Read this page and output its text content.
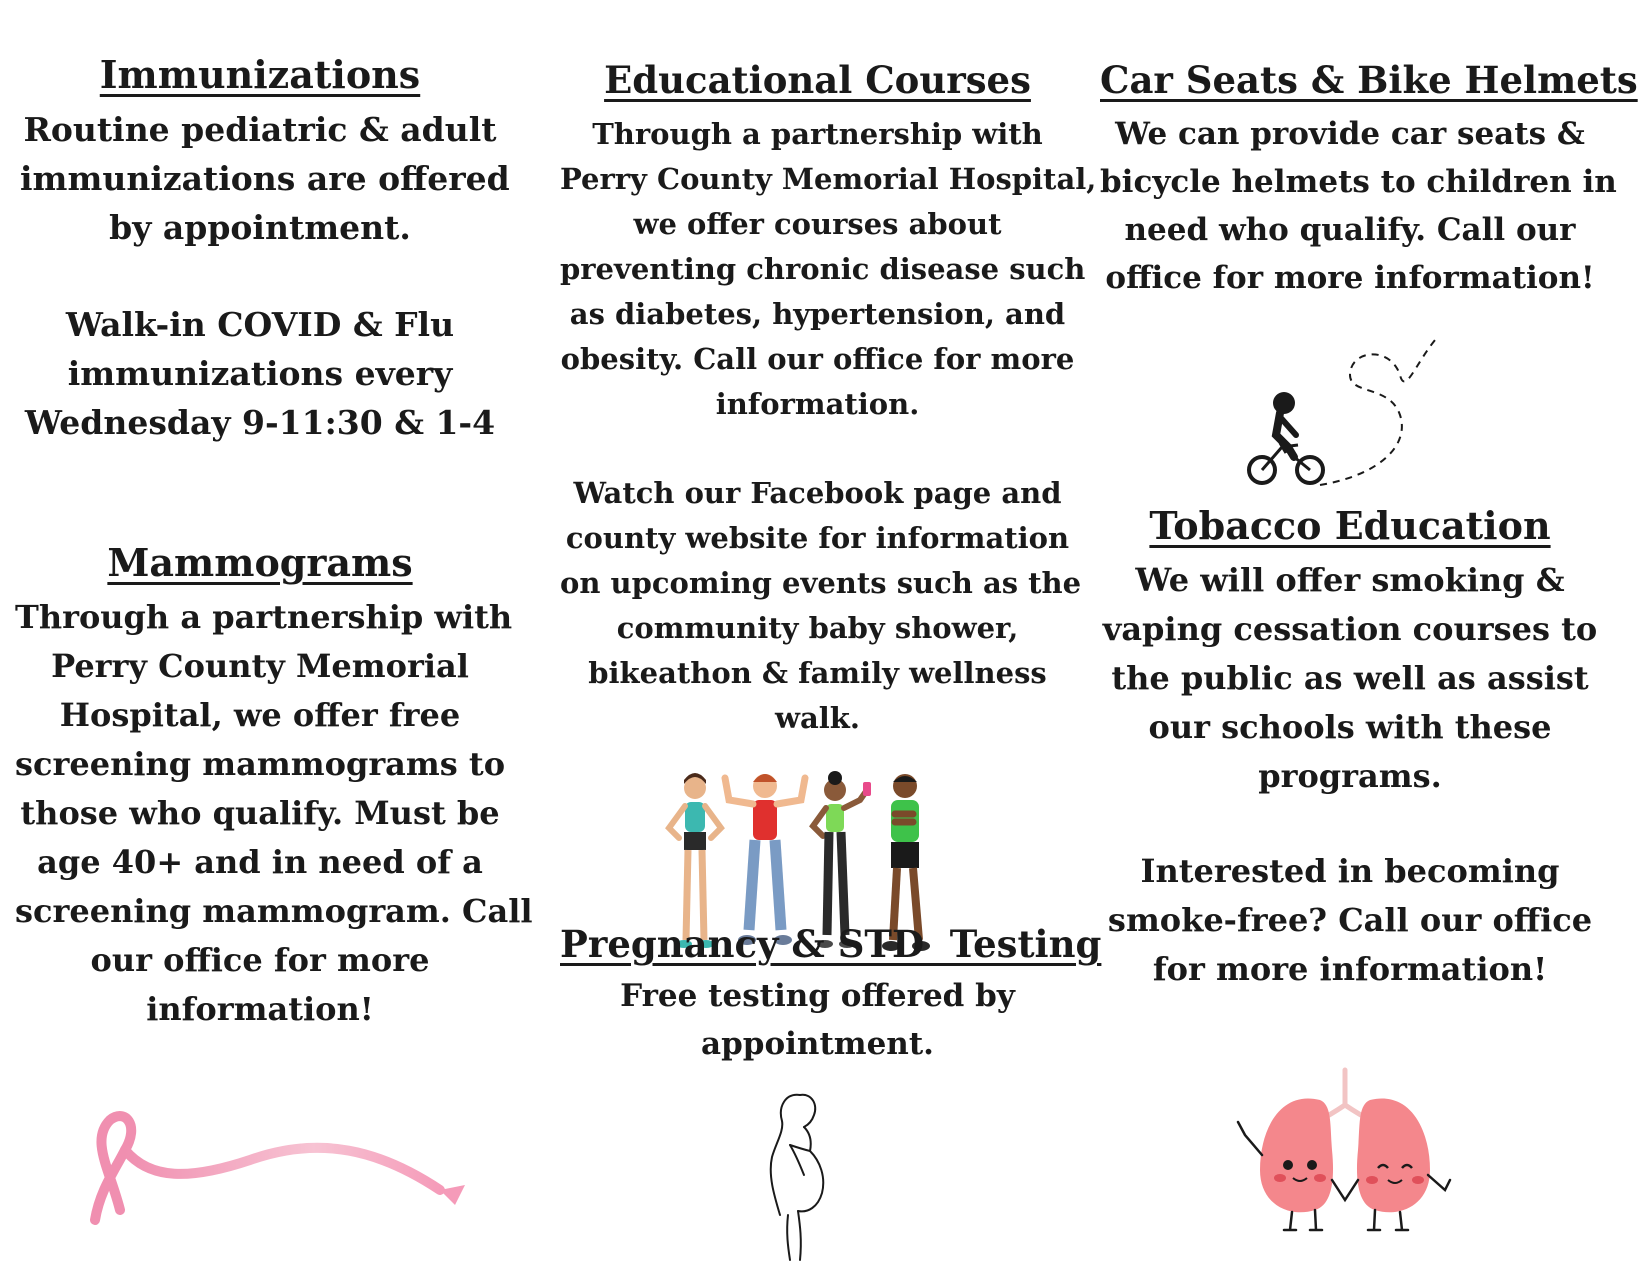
Immunizations

Routine pediatric & adult
immunizations are offered
by appointment.

Walk-in COVID & Flu
immunizations every
Wednesday 9-11:30 & 1-4

Mammograms

Through a partnership with
Perry County Memorial
Hospital, we offer free
screening mammograms to
those who qualify. Must be
age 40+ and in need of a
screening mammogram. Call
our office for more
information!

Educational Courses

Through a partnership with
Perry County Memorial Hospital,
we offer courses about
preventing chronic disease such
as diabetes, hypertension, and
obesity. Call our office for more
information.

Watch our Facebook page and
county website for information
on upcoming events such as the
community baby shower,
bikeathon & family wellness
walk.

Pregnancy & STD  Testing

Free testing offered by
appointment.

Car Seats & Bike Helmets

We can provide car seats &
bicycle helmets to children in
need who qualify. Call our
office for more information!

Tobacco Education

We will offer smoking &
vaping cessation courses to
the public as well as assist
our schools with these
programs.

Interested in becoming
smoke-free? Call our office
for more information!
